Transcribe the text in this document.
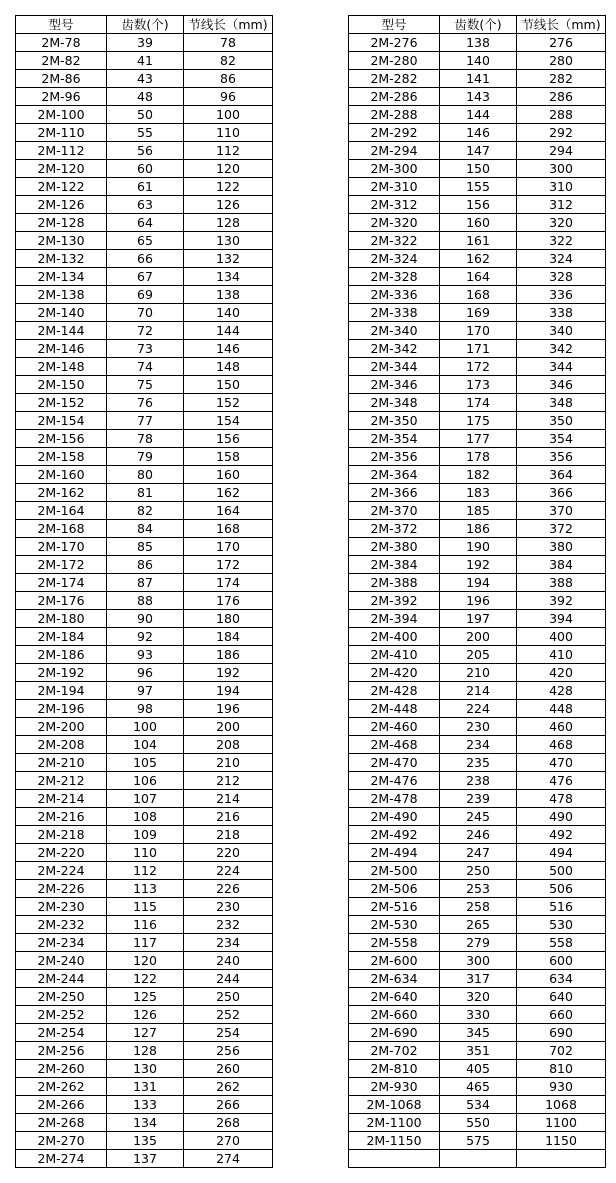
型号	齿数(个)	节线长（mm)
2M-78	39	78
2M-82	41	82
2M-86	43	86
2M-96	48	96
2M-100	50	100
2M-110	55	110
2M-112	56	112
2M-120	60	120
2M-122	61	122
2M-126	63	126
2M-128	64	128
2M-130	65	130
2M-132	66	132
2M-134	67	134
2M-138	69	138
2M-140	70	140
2M-144	72	144
2M-146	73	146
2M-148	74	148
2M-150	75	150
2M-152	76	152
2M-154	77	154
2M-156	78	156
2M-158	79	158
2M-160	80	160
2M-162	81	162
2M-164	82	164
2M-168	84	168
2M-170	85	170
2M-172	86	172
2M-174	87	174
2M-176	88	176
2M-180	90	180
2M-184	92	184
2M-186	93	186
2M-192	96	192
2M-194	97	194
2M-196	98	196
2M-200	100	200
2M-208	104	208
2M-210	105	210
2M-212	106	212
2M-214	107	214
2M-216	108	216
2M-218	109	218
2M-220	110	220
2M-224	112	224
2M-226	113	226
2M-230	115	230
2M-232	116	232
2M-234	117	234
2M-240	120	240
2M-244	122	244
2M-250	125	250
2M-252	126	252
2M-254	127	254
2M-256	128	256
2M-260	130	260
2M-262	131	262
2M-266	133	266
2M-268	134	268
2M-270	135	270
2M-274	137	274
型号	齿数(个)	节线长（mm)
2M-276	138	276
2M-280	140	280
2M-282	141	282
2M-286	143	286
2M-288	144	288
2M-292	146	292
2M-294	147	294
2M-300	150	300
2M-310	155	310
2M-312	156	312
2M-320	160	320
2M-322	161	322
2M-324	162	324
2M-328	164	328
2M-336	168	336
2M-338	169	338
2M-340	170	340
2M-342	171	342
2M-344	172	344
2M-346	173	346
2M-348	174	348
2M-350	175	350
2M-354	177	354
2M-356	178	356
2M-364	182	364
2M-366	183	366
2M-370	185	370
2M-372	186	372
2M-380	190	380
2M-384	192	384
2M-388	194	388
2M-392	196	392
2M-394	197	394
2M-400	200	400
2M-410	205	410
2M-420	210	420
2M-428	214	428
2M-448	224	448
2M-460	230	460
2M-468	234	468
2M-470	235	470
2M-476	238	476
2M-478	239	478
2M-490	245	490
2M-492	246	492
2M-494	247	494
2M-500	250	500
2M-506	253	506
2M-516	258	516
2M-530	265	530
2M-558	279	558
2M-600	300	600
2M-634	317	634
2M-640	320	640
2M-660	330	660
2M-690	345	690
2M-702	351	702
2M-810	405	810
2M-930	465	930
2M-1068	534	1068
2M-1100	550	1100
2M-1150	575	1150
